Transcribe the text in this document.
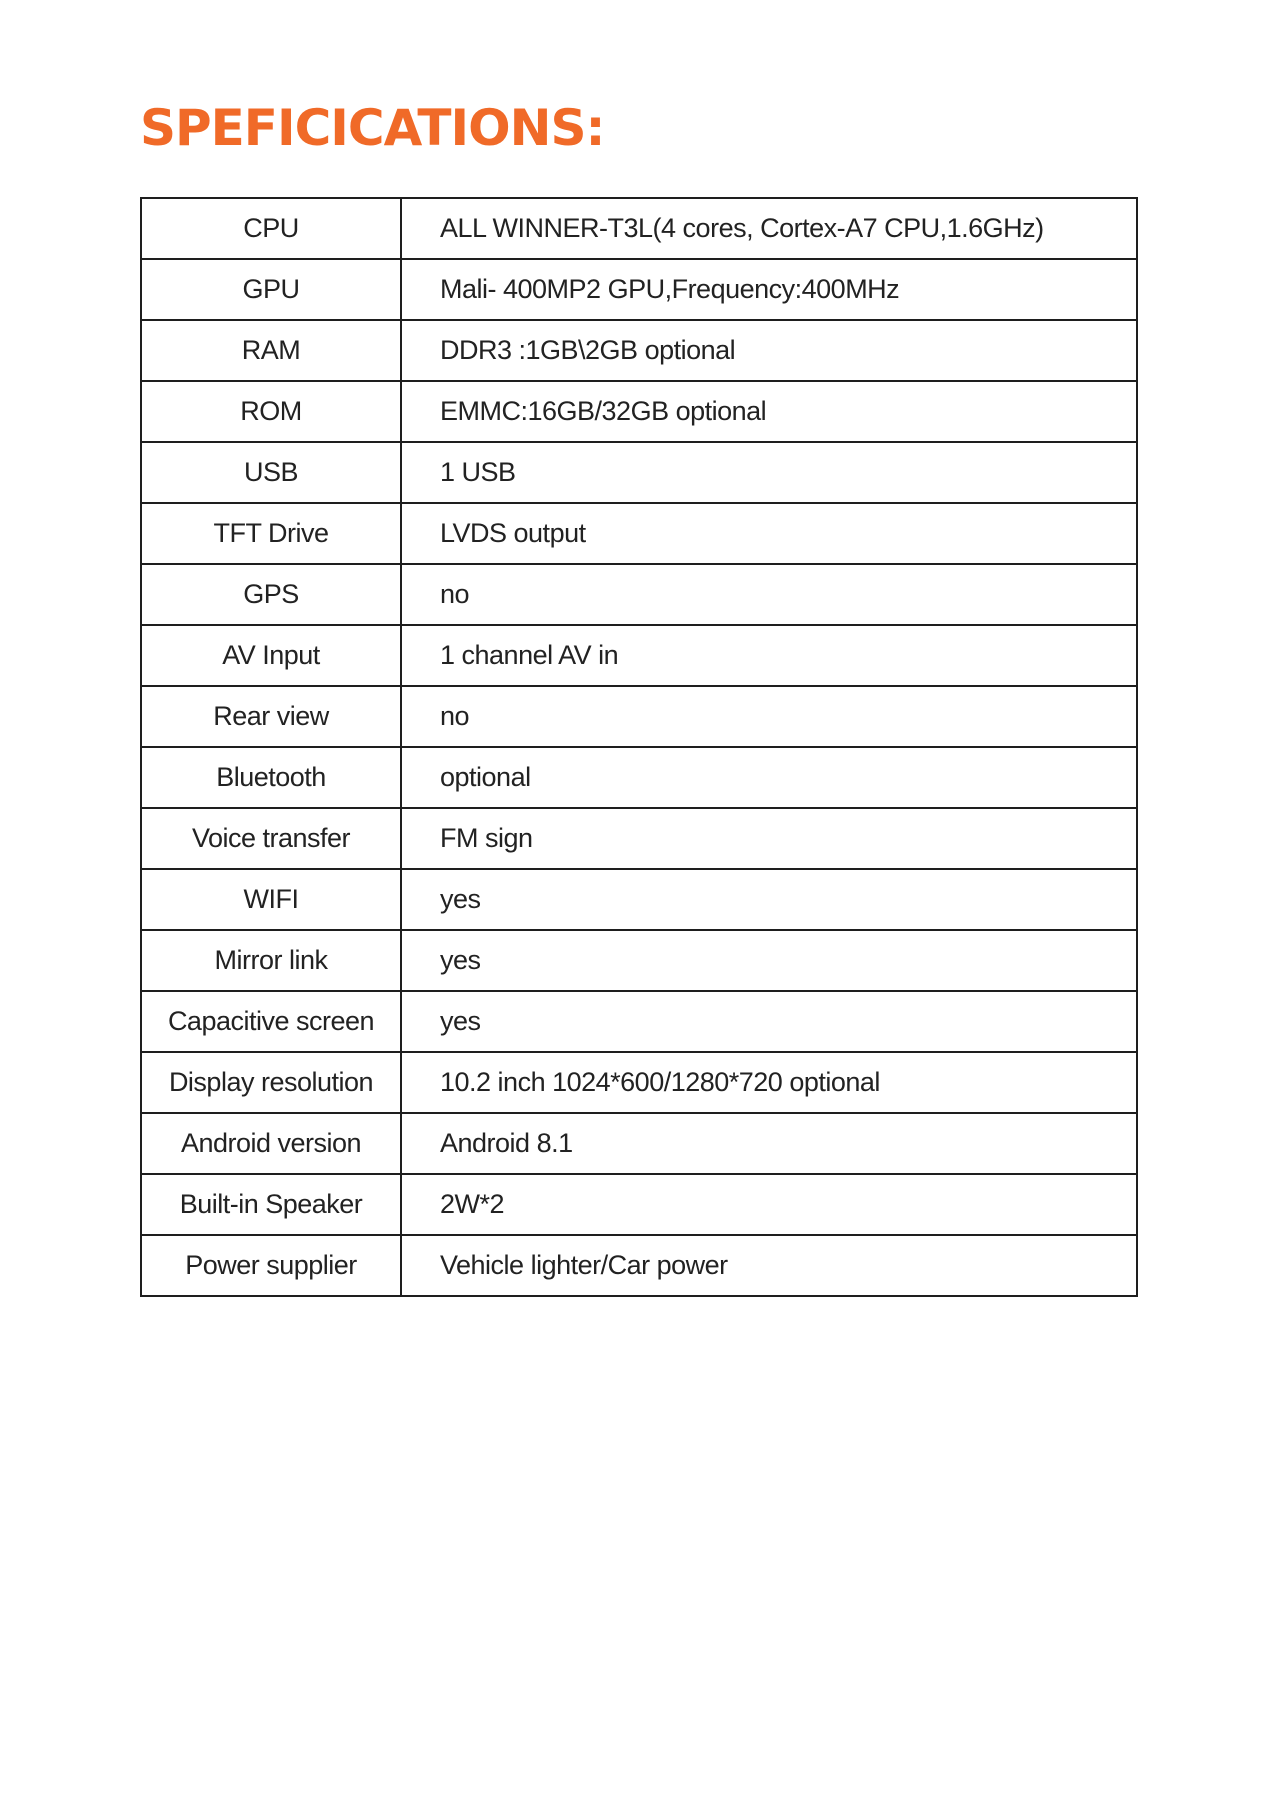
SPEFICICATIONS:
CPU	ALL WINNER-T3L(4 cores, Cortex-A7 CPU,1.6GHz)
GPU	Mali- 400MP2 GPU,Frequency:400MHz
RAM	DDR3 :1GB\2GB optional
ROM	EMMC:16GB/32GB optional
USB	1 USB
TFT Drive	LVDS output
GPS	no
AV Input	1 channel AV in
Rear view	no
Bluetooth	optional
Voice transfer	FM sign
WIFI	yes
Mirror link	yes
Capacitive screen	yes
Display resolution	10.2 inch 1024*600/1280*720 optional
Android version	Android 8.1
Built-in Speaker	2W*2
Power supplier	Vehicle lighter/Car power
